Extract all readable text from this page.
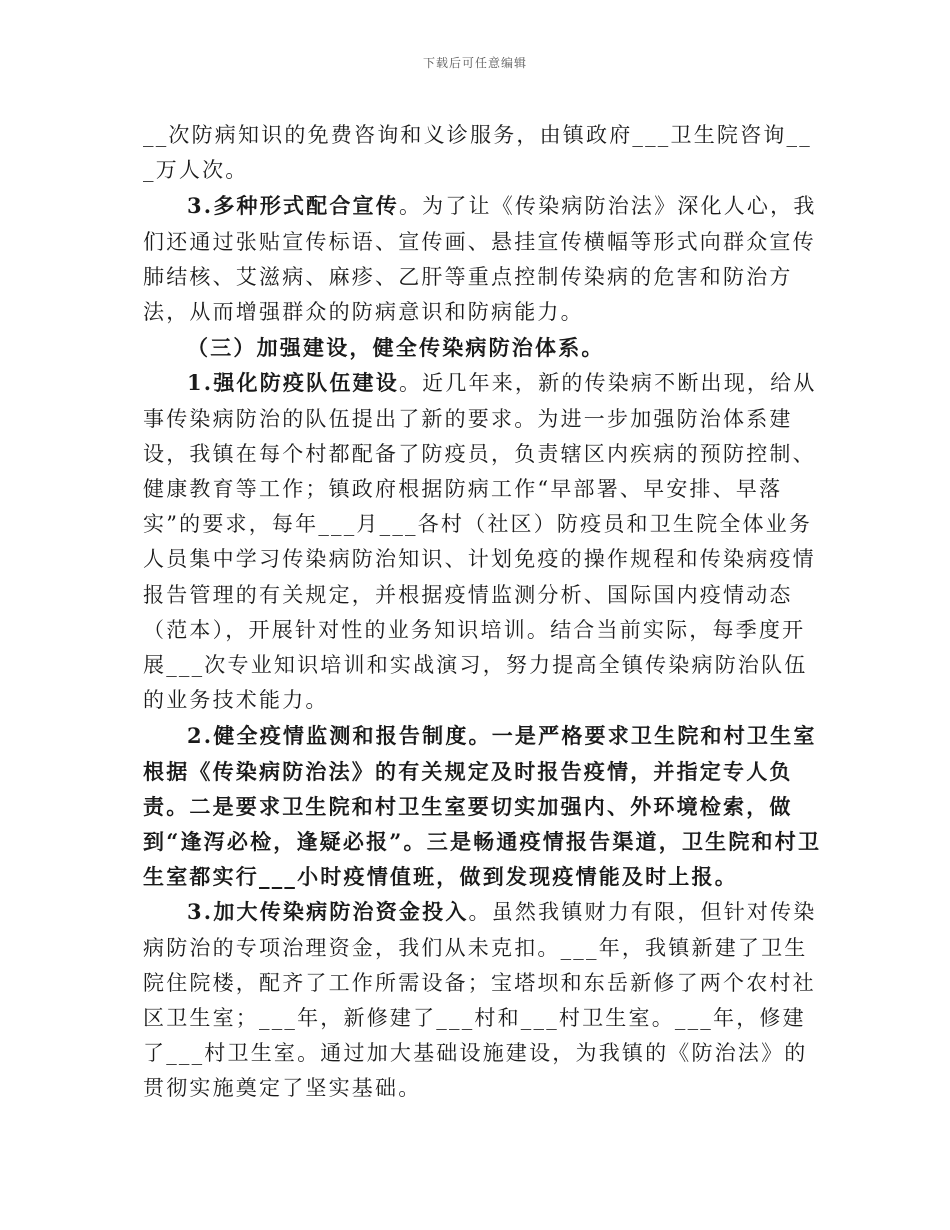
下载后可任意编辑

__次防病知识的免费咨询和义诊服务，由镇政府___卫生院咨询___万人次。

3.多种形式配合宣传。为了让《传染病防治法》深化人心，我们还通过张贴宣传标语、宣传画、悬挂宣传横幅等形式向群众宣传肺结核、艾滋病、麻疹、乙肝等重点控制传染病的危害和防治方法，从而增强群众的防病意识和防病能力。

（三）加强建设，健全传染病防治体系。

1.强化防疫队伍建设。近几年来，新的传染病不断出现，给从事传染病防治的队伍提出了新的要求。为进一步加强防治体系建设，我镇在每个村都配备了防疫员，负责辖区内疾病的预防控制、健康教育等工作；镇政府根据防病工作“早部署、早安排、早落实”的要求，每年___月___各村（社区）防疫员和卫生院全体业务人员集中学习传染病防治知识、计划免疫的操作规程和传染病疫情报告管理的有关规定，并根据疫情监测分析、国际国内疫情动态（范本），开展针对性的业务知识培训。结合当前实际，每季度开展___次专业知识培训和实战演习，努力提高全镇传染病防治队伍的业务技术能力。

2.健全疫情监测和报告制度。一是严格要求卫生院和村卫生室根据《传染病防治法》的有关规定及时报告疫情，并指定专人负责。二是要求卫生院和村卫生室要切实加强内、外环境检索，做到“逢泻必检，逢疑必报”。三是畅通疫情报告渠道，卫生院和村卫生室都实行___小时疫情值班，做到发现疫情能及时上报。

3.加大传染病防治资金投入。虽然我镇财力有限，但针对传染病防治的专项治理资金，我们从未克扣。___年，我镇新建了卫生院住院楼，配齐了工作所需设备；宝塔坝和东岳新修了两个农村社区卫生室；___年，新修建了___村和___村卫生室。___年，修建了___村卫生室。通过加大基础设施建设，为我镇的《防治法》的贯彻实施奠定了坚实基础。
